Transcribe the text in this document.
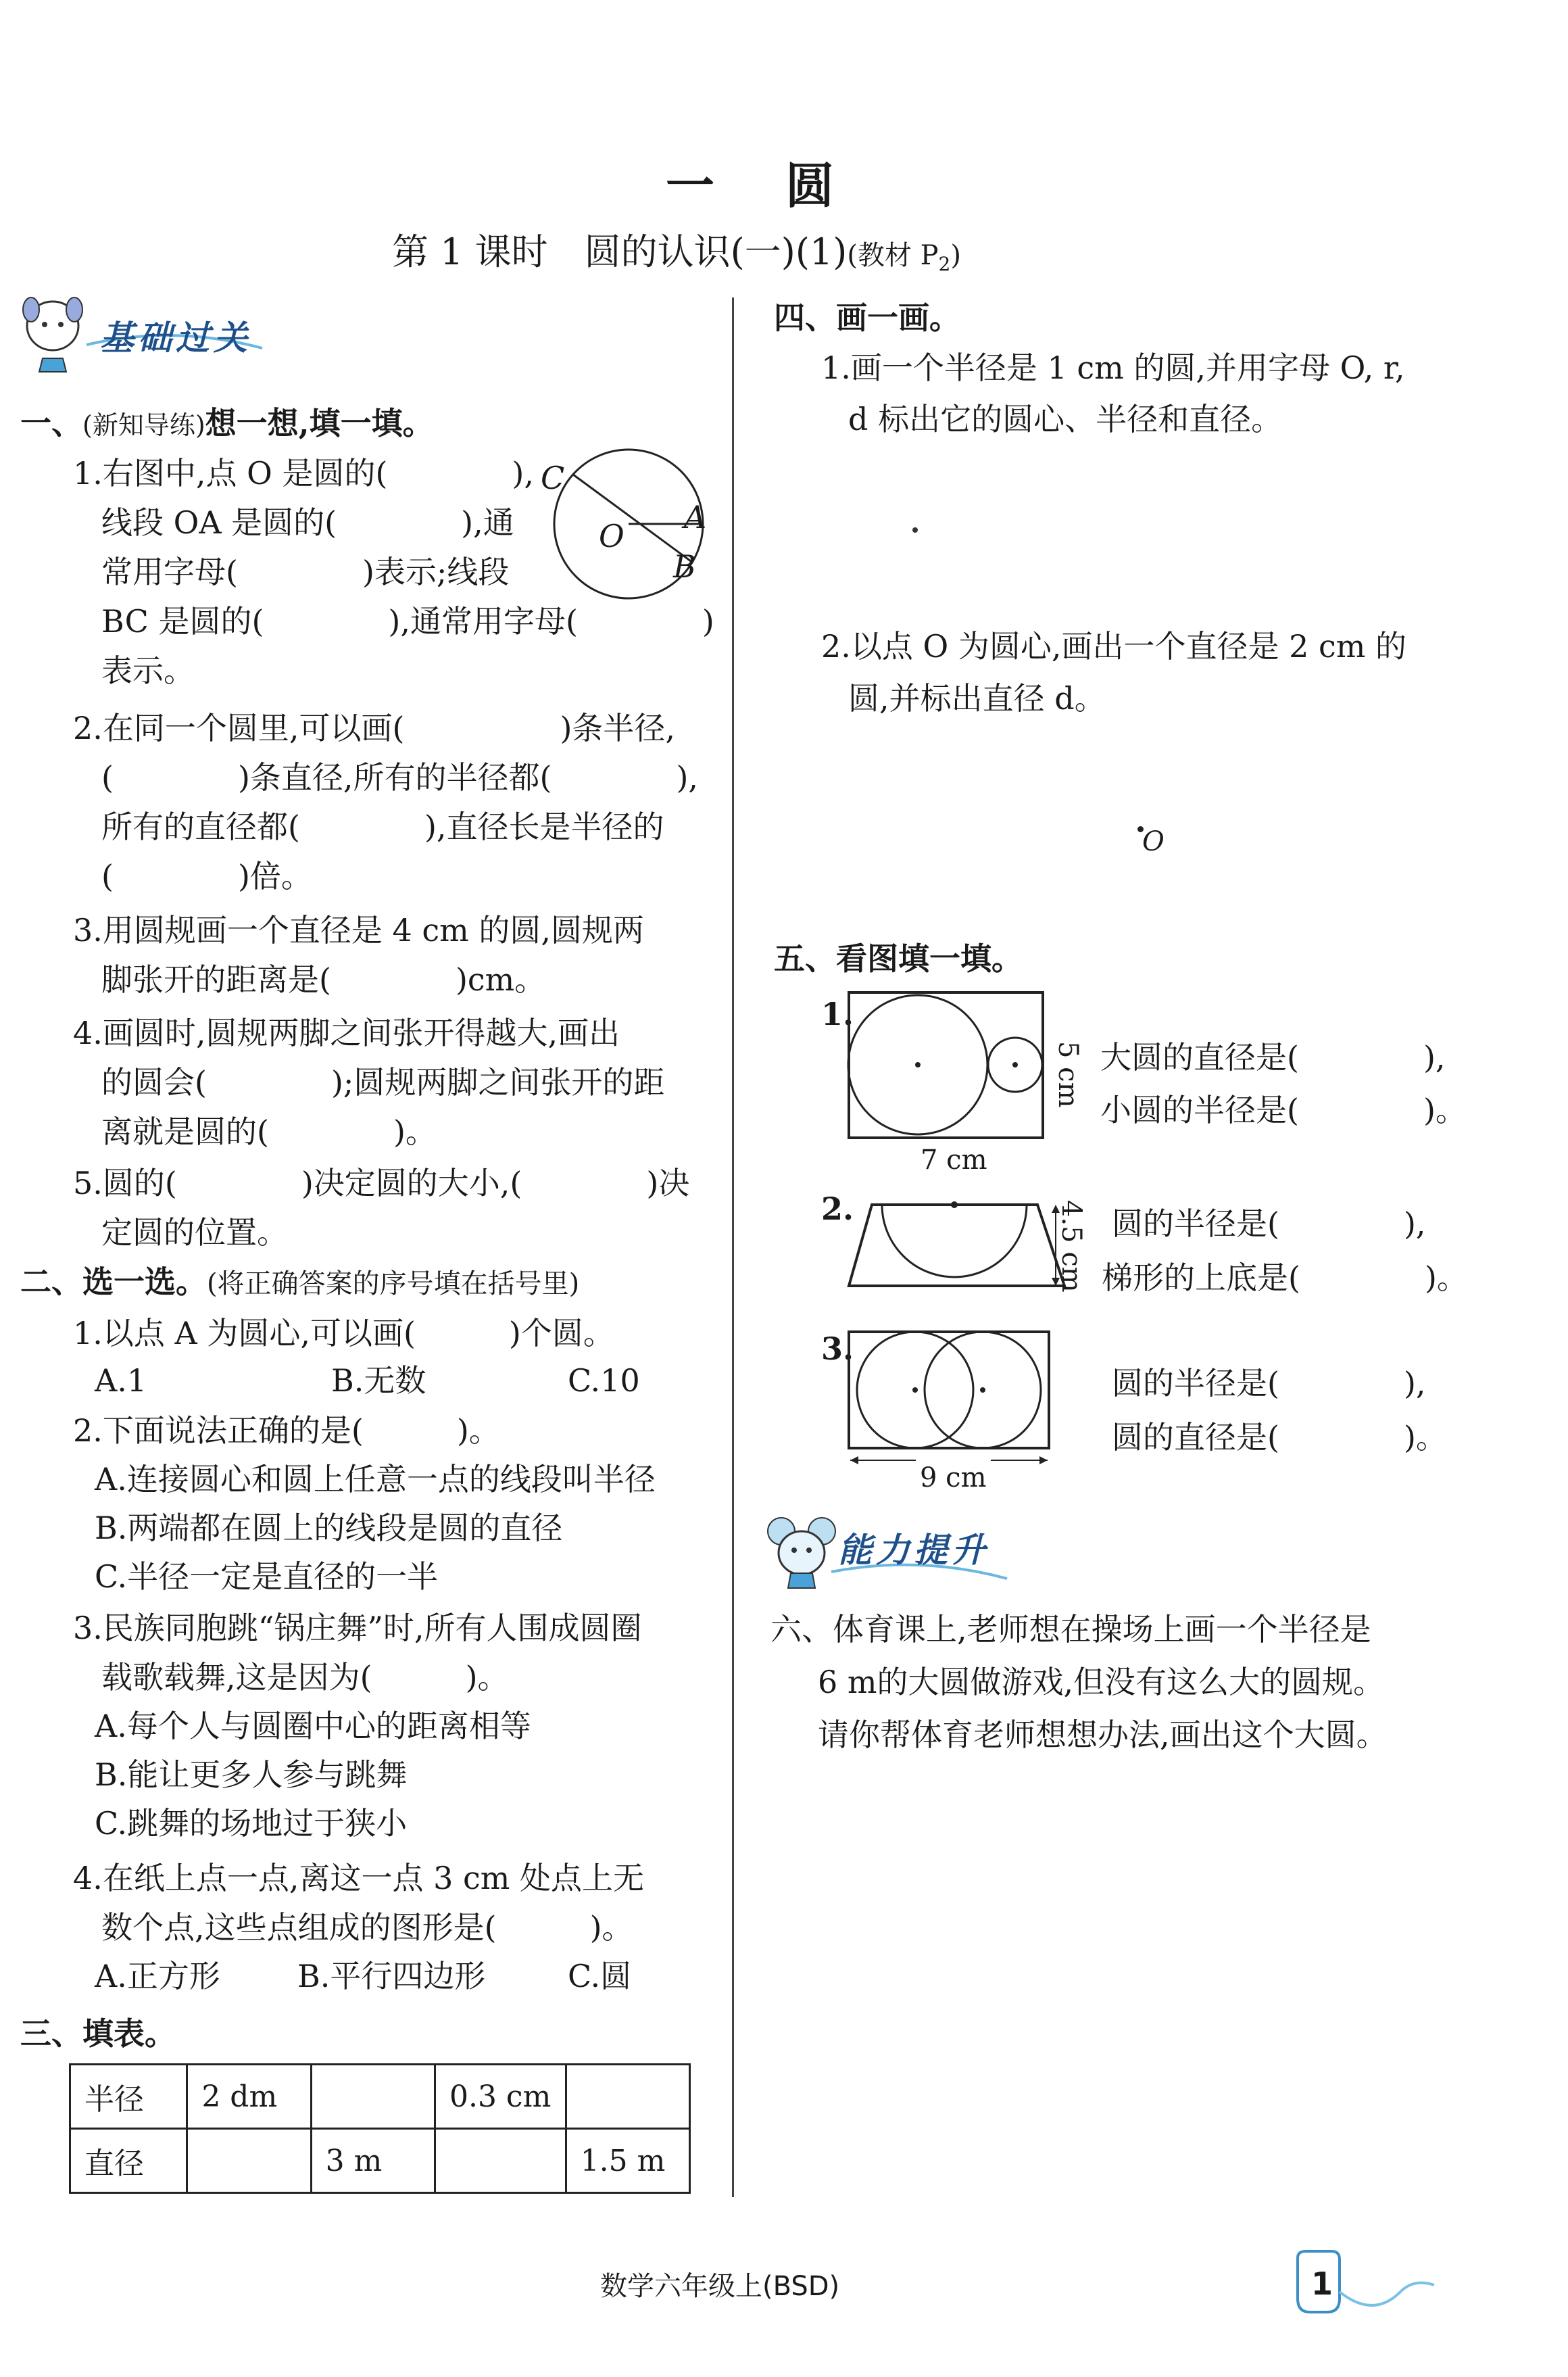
一 圆
第 1 课时　圆的认识(一)(1)(教材 $P_2$)
基础过关
一、(新知导练)想一想,填一填。
1.右图中,点 O 是圆的(　　　　),
线段 OA 是圆的(　　　　),通
常用字母(　　　　)表示;线段
BC 是圆的(　　　　),通常用字母(　　　　)
表示。
C
O
A
B
2.在同一个圆里,可以画(　　　　　)条半径,
(　　　　)条直径,所有的半径都(　　　　),
所有的直径都(　　　　),直径长是半径的
(　　　　)倍。
3.用圆规画一个直径是 4 cm 的圆,圆规两
脚张开的距离是(　　　　)cm。
4.画圆时,圆规两脚之间张开得越大,画出
的圆会(　　　　);圆规两脚之间张开的距
离就是圆的(　　　　)。
5.圆的(　　　　)决定圆的大小,(　　　　)决
定圆的位置。
二、选一选。(将正确答案的序号填在括号里)
1.以点 A 为圆心,可以画(　　　)个圆。
A.1	B.无数	C.10
2.下面说法正确的是(　　　)。
A.连接圆心和圆上任意一点的线段叫半径
B.两端都在圆上的线段是圆的直径
C.半径一定是直径的一半
3.民族同胞跳“锅庄舞”时,所有人围成圆圈
载歌载舞,这是因为(　　　)。
A.每个人与圆圈中心的距离相等
B.能让更多人参与跳舞
C.跳舞的场地过于狭小
4.在纸上点一点,离这一点 3 cm 处点上无
数个点,这些点组成的图形是(　　　)。
A.正方形 B.平行四边形	C.圆
三、填表。
半径	2 dm		0.3 cm	
直径		3 m		1.5 m
四、画一画。
1.画一个半径是 1 cm 的圆,并用字母 O, r,
d 标出它的圆心、半径和直径。
2.以点 O 为圆心,画出一个直径是 2 cm 的
圆,并标出直径 d。
O
五、看图填一填。
1.
5 cm
7 cm
大圆的直径是(　　　　),
小圆的半径是(　　　　)。
2.	4.5 cm 圆的半径是(　　　　),
梯形的上底是(　　　　)。
3.
9 cm
圆的半径是(　　　　),
圆的直径是(　　　　)。
能力提升
六、体育课上,老师想在操场上画一个半径是
6 m的大圆做游戏,但没有这么大的圆规。
请你帮体育老师想想办法,画出这个大圆。
数学六年级上(BSD)	1
